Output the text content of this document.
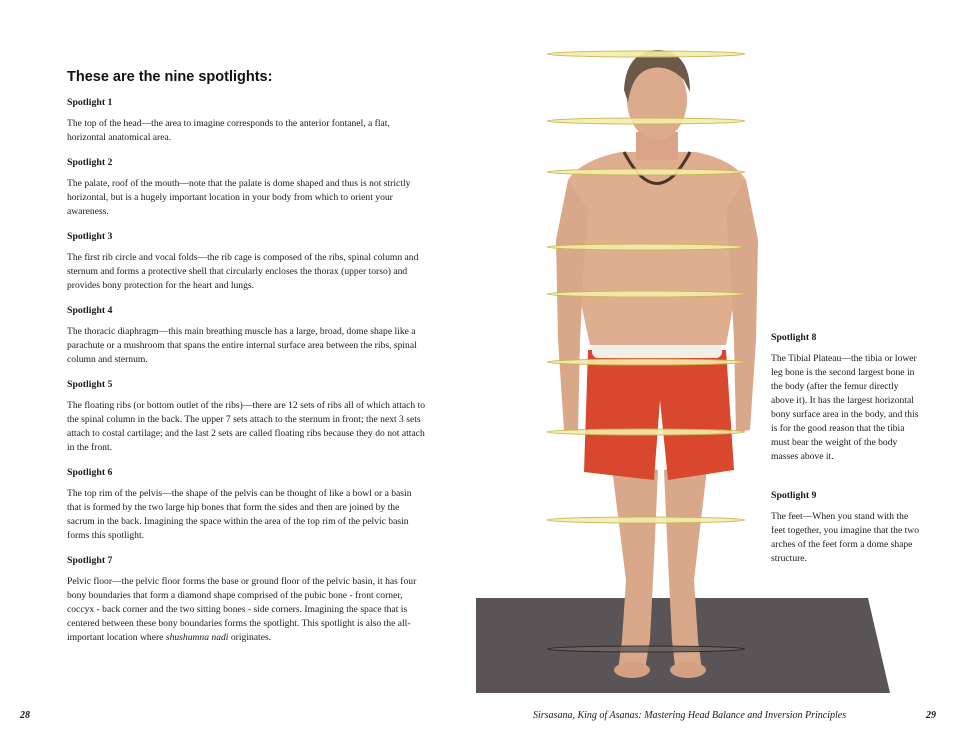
These are the nine spotlights:
Spotlight 1

The top of the head—the area to imagine corresponds to the anterior fontanel, a flat, horizontal anatomical area.

Spotlight 2

The palate, roof of the mouth—note that the palate is dome shaped and thus is not strictly horizontal, but is a hugely important location in your body from which to orient your awareness.

Spotlight 3

The first rib circle and vocal folds—the rib cage is composed of the ribs, spinal column and sternum and forms a protective shell that circularly encloses the thorax (upper torso) and provides bony protection for the heart and lungs.

Spotlight 4

The thoracic diaphragm—this main breathing muscle has a large, broad, dome shape like a parachute or a mushroom that spans the entire internal surface area between the ribs, spinal column and sternum.

Spotlight 5

The floating ribs (or bottom outlet of the ribs)—there are 12 sets of ribs all of which attach to the spinal column in the back. The upper 7 sets attach to the sternum in front; the next 3 sets attach to costal cartilage; and the last 2 sets are called floating ribs because they do not attach in the front.

Spotlight 6

The top rim of the pelvis—the shape of the pelvis can be thought of like a bowl or a basin that is formed by the two large hip bones that form the sides and then are joined by the sacrum in the back. Imagining the space within the area of the top rim of the pelvic basin forms this spotlight.

Spotlight 7

Pelvic floor—the pelvic floor forms the base or ground floor of the pelvic basin, it has four bony boundaries that form a diamond shape comprised of the pubic bone - front corner, coccyx - back corner and the two sitting bones - side corners. Imagining the space that is centered between these bony boundaries forms the spotlight. This spotlight is also the all-important location where shushumna nadi originates.

Spotlight 8

The Tibial Plateau—the tibia or lower leg bone is the second largest bone in the body (after the femur directly above it). It has the largest horizontal bony surface area in the body, and this is for the good reason that the tibia must bear the weight of the body masses above it.

Spotlight 9

The feet—When you stand with the feet together, you imagine that the two arches of the feet form a dome shape structure.

28	Sirsasana, King of Asanas: Mastering Head Balance and Inversion Principles	29
